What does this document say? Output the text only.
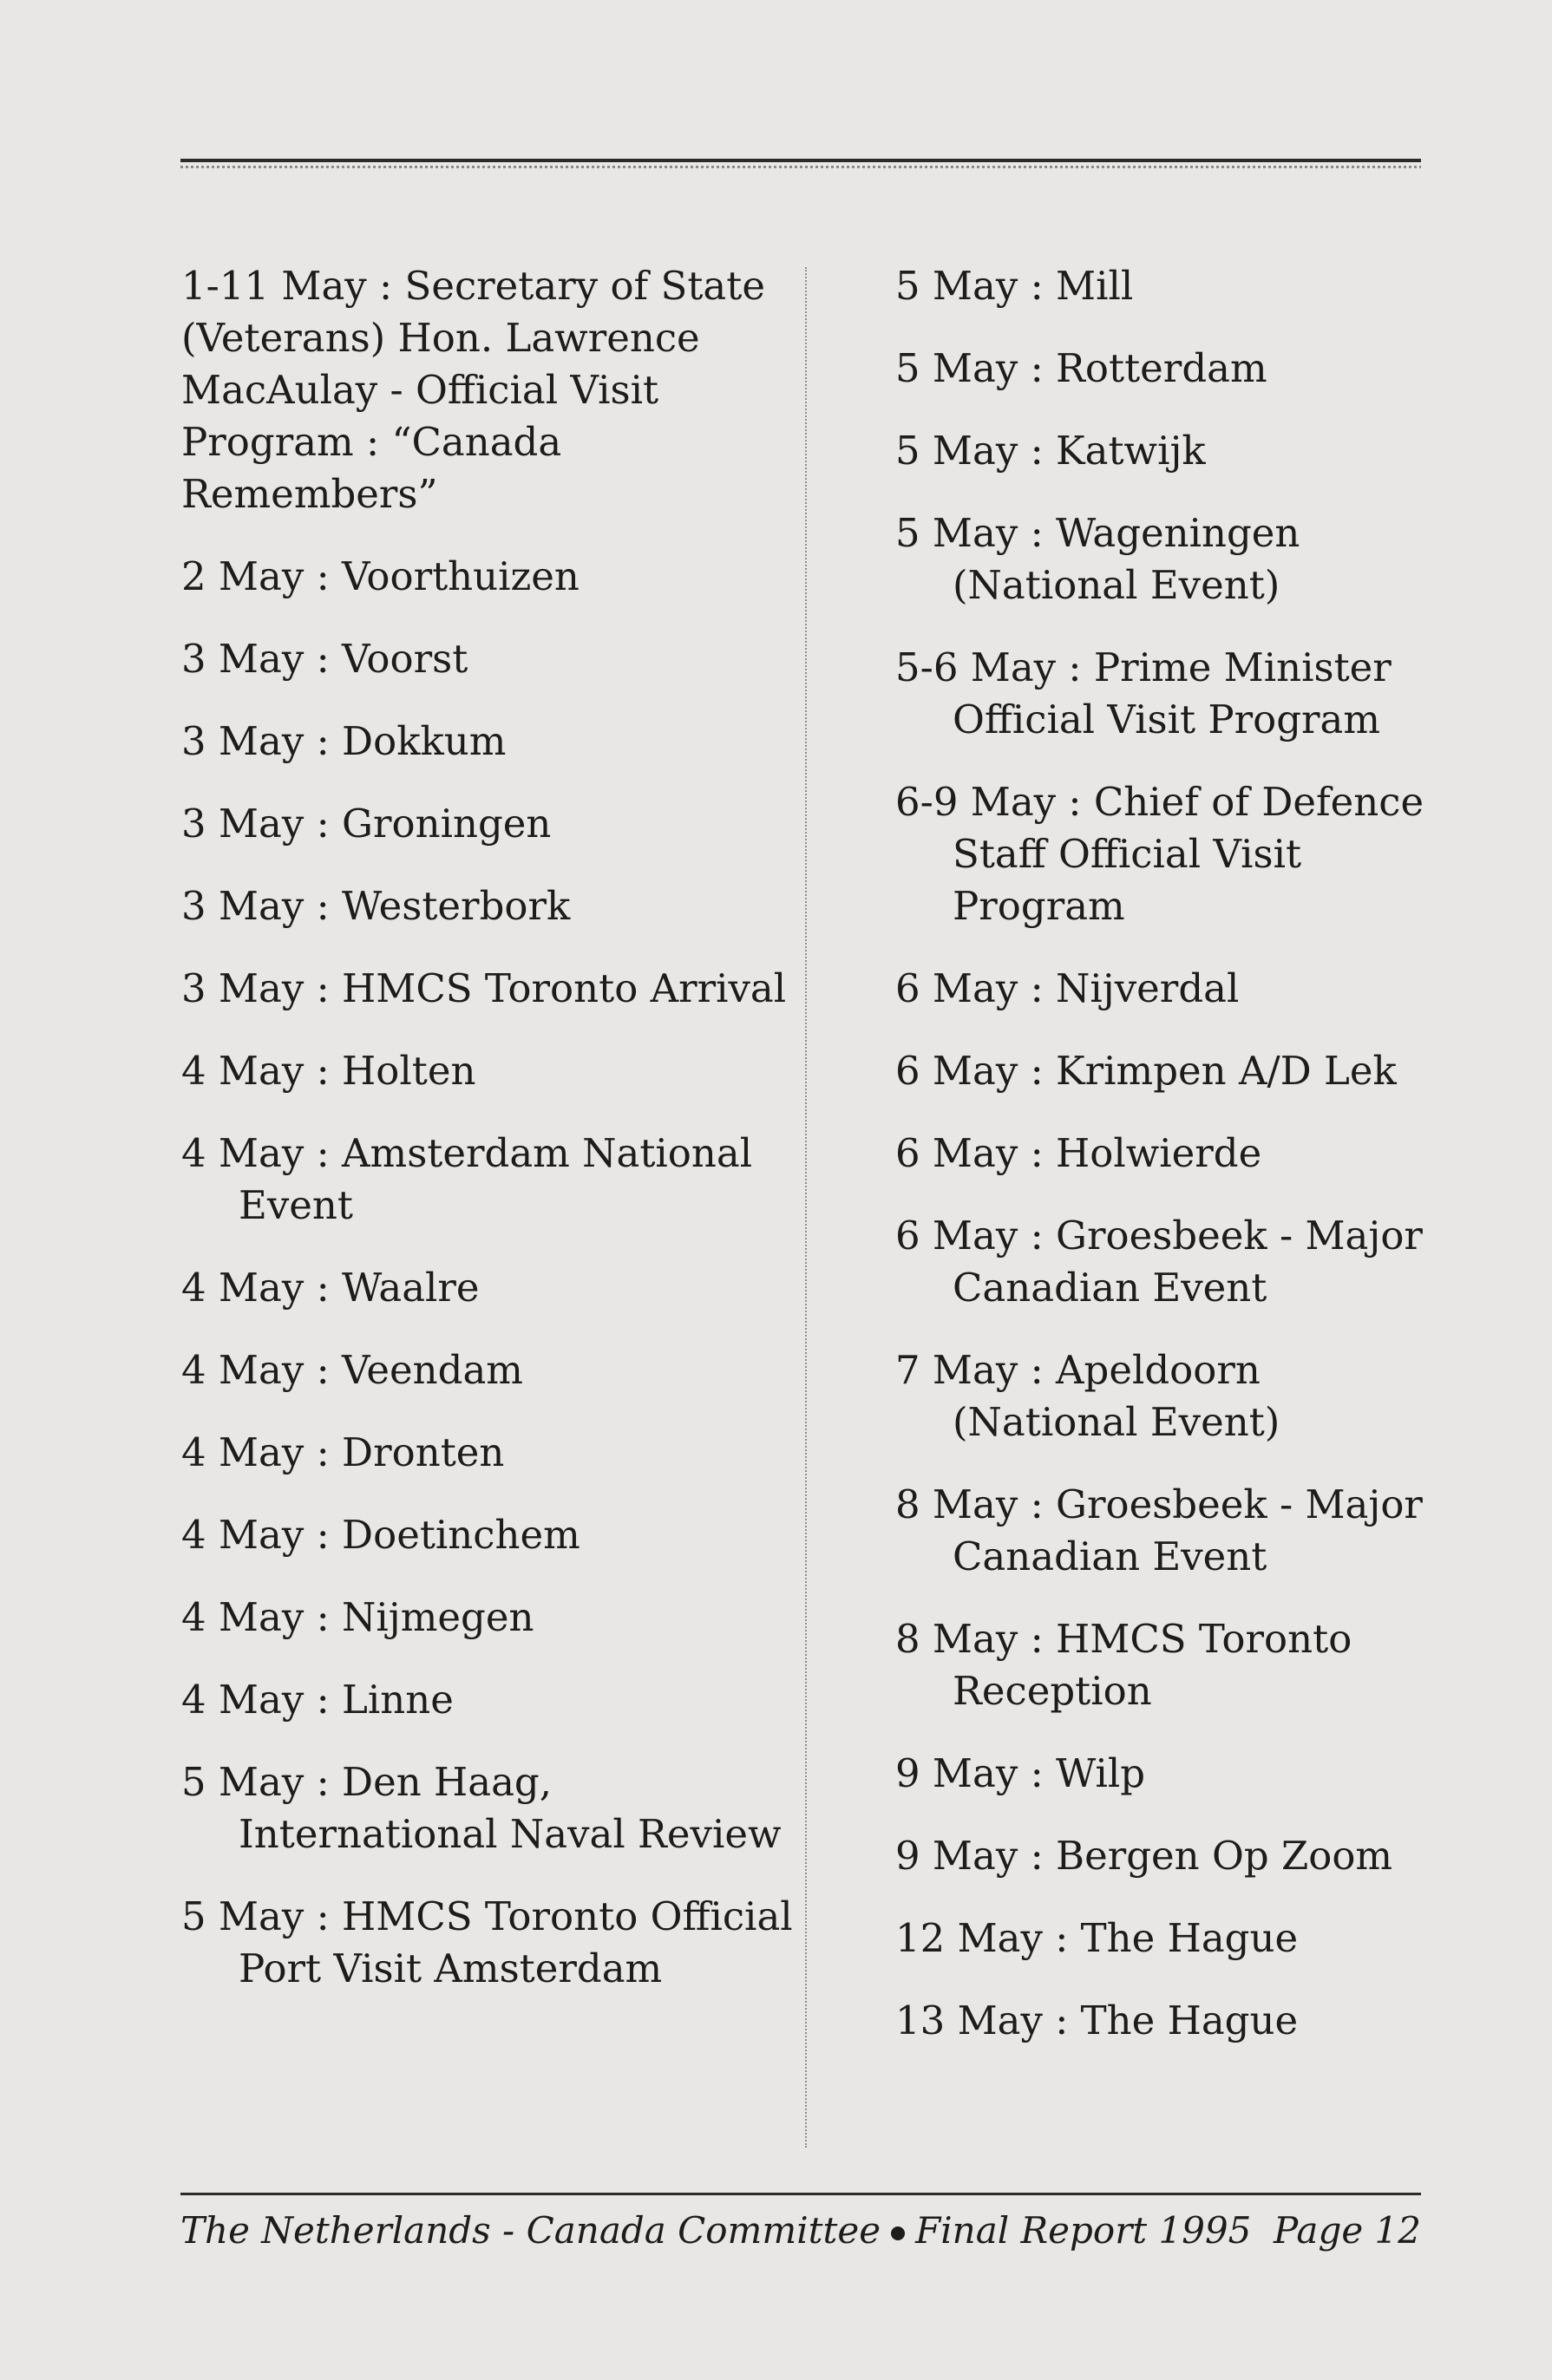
1-11 May : Secretary of State (Veterans) Hon. Lawrence MacAulay - Official Visit Program : “Canada Remembers”
2 May : Voorthuizen
3 May : Voorst
3 May : Dokkum
3 May : Groningen
3 May : Westerbork
3 May : HMCS Toronto Arrival
4 May : Holten
4 May : Amsterdam National Event
4 May : Waalre
4 May : Veendam
4 May : Dronten
4 May : Doetinchem
4 May : Nijmegen
4 May : Linne
5 May : Den Haag, International Naval Review
5 May : HMCS Toronto Official Port Visit Amsterdam
5 May : Mill
5 May : Rotterdam
5 May : Katwijk
5 May : Wageningen (National Event)
5-6 May : Prime Minister Official Visit Program
6-9 May : Chief of Defence Staff Official Visit Program
6 May : Nijverdal
6 May : Krimpen A/D Lek
6 May : Holwierde
6 May : Groesbeek - Major Canadian Event
7 May : Apeldoorn (National Event)
8 May : Groesbeek - Major Canadian Event
8 May : HMCS Toronto Reception
9 May : Wilp
9 May : Bergen Op Zoom
12 May : The Hague
13 May : The Hague
The Netherlands - Canada Committee Final Report 1995 Page 12
